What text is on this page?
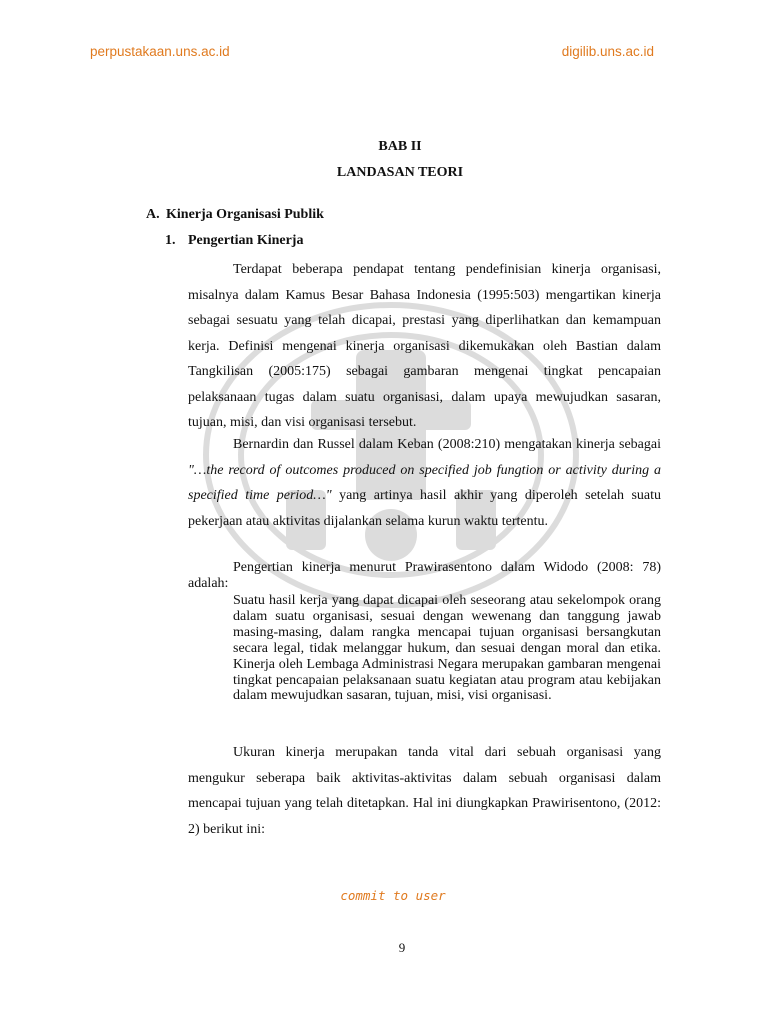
perpustakaan.uns.ac.id	digilib.uns.ac.id
BAB II
LANDASAN TEORI
A. Kinerja Organisasi Publik
1. Pengertian Kinerja

Terdapat beberapa pendapat tentang pendefinisian kinerja organisasi, misalnya dalam Kamus Besar Bahasa Indonesia (1995:503) mengartikan kinerja sebagai sesuatu yang telah dicapai, prestasi yang diperlihatkan dan kemampuan kerja. Definisi mengenai kinerja organisasi dikemukakan oleh Bastian dalam Tangkilisan (2005:175) sebagai gambaran mengenai tingkat pencapaian pelaksanaan tugas dalam suatu organisasi, dalam upaya mewujudkan sasaran, tujuan, misi, dan visi organisasi tersebut.

Bernardin dan Russel dalam Keban (2008:210) mengatakan kinerja sebagai "…the record of outcomes produced on specified job fungtion or activity during a specified time period…" yang artinya hasil akhir yang diperoleh setelah suatu pekerjaan atau aktivitas dijalankan selama kurun waktu tertentu.

Pengertian kinerja menurut Prawirasentono dalam Widodo (2008: 78) adalah:

Suatu hasil kerja yang dapat dicapai oleh seseorang atau sekelompok orang dalam suatu organisasi, sesuai dengan wewenang dan tanggung jawab masing-masing, dalam rangka mencapai tujuan organisasi bersangkutan secara legal, tidak melanggar hukum, dan sesuai dengan moral dan etika. Kinerja oleh Lembaga Administrasi Negara merupakan gambaran mengenai tingkat pencapaian pelaksanaan suatu kegiatan atau program atau kebijakan dalam mewujudkan sasaran, tujuan, misi, visi organisasi.

Ukuran kinerja merupakan tanda vital dari sebuah organisasi yang mengukur seberapa baik aktivitas-aktivitas dalam sebuah organisasi dalam mencapai tujuan yang telah ditetapkan. Hal ini diungkapkan Prawirisentono, (2012: 2) berikut ini:

commit to user
9
